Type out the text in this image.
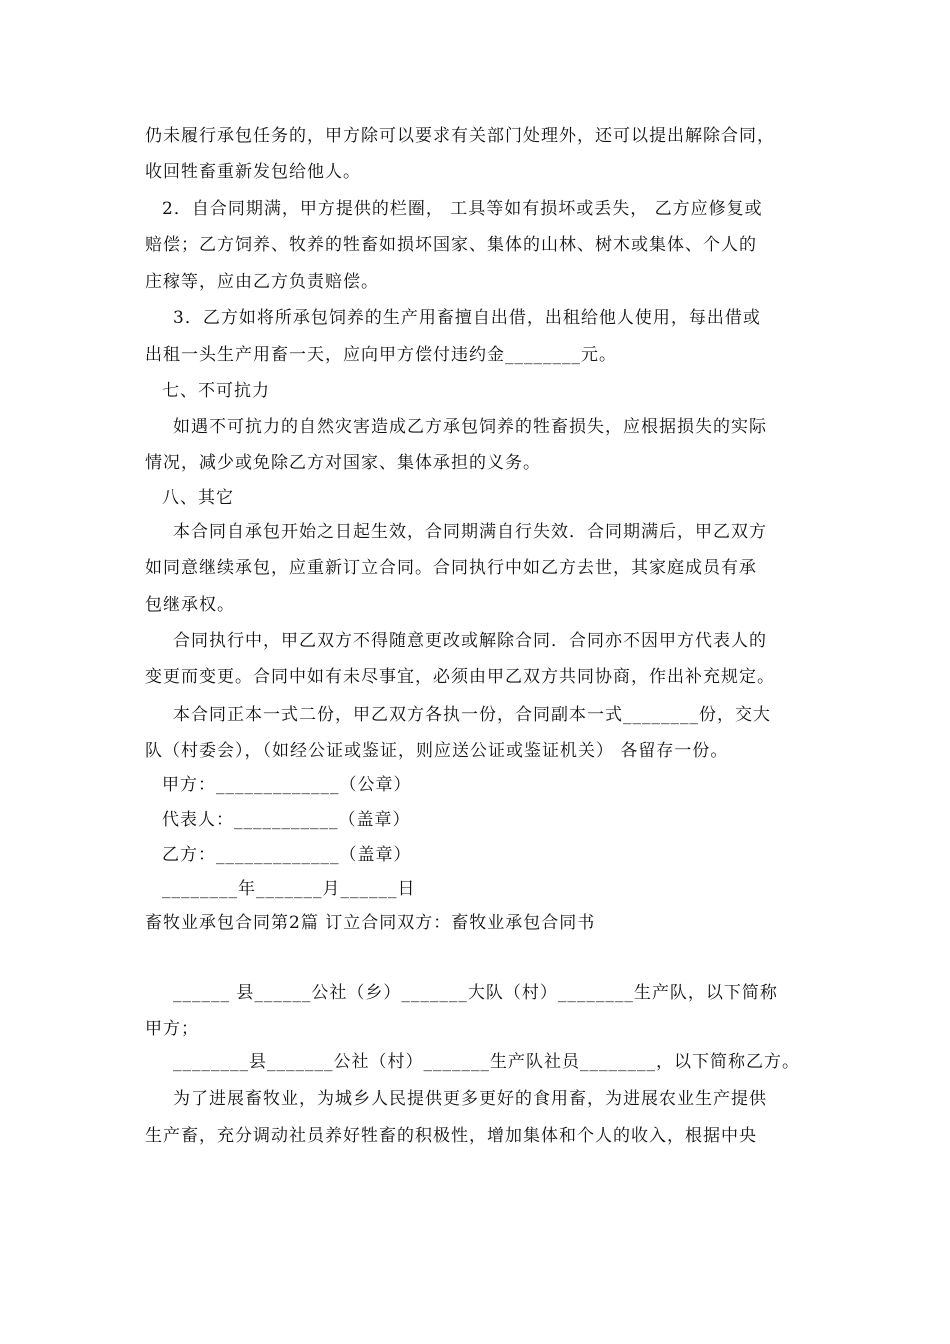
仍未履行承包任务的，甲方除可以要求有关部门处理外，还可以提出解除合同，
收回牲畜重新发包给他人。
2．自合同期满，甲方提供的栏圈， 工具等如有损坏或丢失， 乙方应修复或
赔偿；乙方饲养、牧养的牲畜如损坏国家、集体的山林、树木或集体、个人的
庄稼等，应由乙方负责赔偿。
3．乙方如将所承包饲养的生产用畜擅自出借，出租给他人使用，每出借或
出租一头生产用畜一天，应向甲方偿付违约金________元。
七、不可抗力
如遇不可抗力的自然灾害造成乙方承包饲养的牲畜损失，应根据损失的实际
情况，减少或免除乙方对国家、集体承担的义务。
八、其它
本合同自承包开始之日起生效，合同期满自行失效．合同期满后，甲乙双方
如同意继续承包，应重新订立合同。合同执行中如乙方去世，其家庭成员有承
包继承权。
合同执行中，甲乙双方不得随意更改或解除合同．合同亦不因甲方代表人的
变更而变更。合同中如有未尽事宜，必须由甲乙双方共同协商，作出补充规定。
本合同正本一式二份，甲乙双方各执一份，合同副本一式________份，交大
队（村委会），（如经公证或鉴证，则应送公证或鉴证机关） 各留存一份。
甲方：_____________（公章）
代表人：___________（盖章）
乙方：_____________（盖章）
________年_______月______日
畜牧业承包合同第2篇 订立合同双方：畜牧业承包合同书
______ 县______公社（乡）_______大队（村）________生产队，以下简称
甲方；
________县_______公社（村）_______生产队社员________，以下简称乙方。
为了进展畜牧业，为城乡人民提供更多更好的食用畜，为进展农业生产提供
生产畜，充分调动社员养好牲畜的积极性，增加集体和个人的收入，根据中央
